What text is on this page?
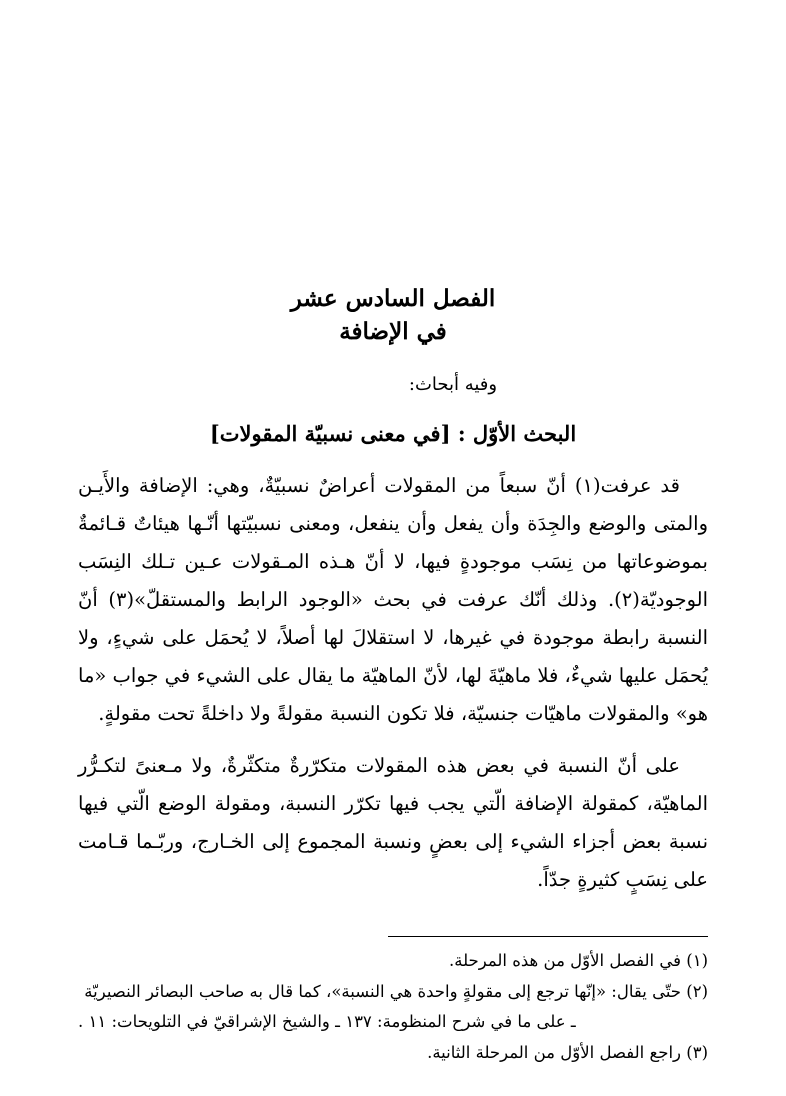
الفصل السادس عشر
في الإضافة
وفيه أبحاث:
البحث الأوّل : [في معنى نسبيّة المقولات]

قد عرفت(١) أنّ سبعاً من المقولات أعراضٌ نسبيّةٌ، وهي: الإضافة والأَيـن والمتى والوضع والجِدَة وأن يفعل وأن ينفعل، ومعنى نسبيّتها أنّـها هيئاتٌ قـائمةٌ بموضوعاتها من نِسَب موجودةٍ فيها، لا أنّ هـذه المـقولات عـين تـلك النِسَب الوجوديّة(٢). وذلك أنّك عرفت في بحث «الوجود الرابط والمستقلّ»(٣) أنّ النسبة رابطة موجودة في غيرها، لا استقلالَ لها أصلاً، لا يُحمَل على شيءٍ، ولا يُحمَل عليها شيءٌ، فلا ماهيّةَ لها، لأنّ الماهيّة ما يقال على الشيء في جواب «ما هو» والمقولات ماهيّات جنسيّة، فلا تكون النسبة مقولةً ولا داخلةً تحت مقولةٍ.

على أنّ النسبة في بعض هذه المقولات متكرّرةٌ متكثّرةٌ، ولا مـعنىً لتكـرُّر الماهيّة، كمقولة الإضافة الّتي يجب فيها تكرّر النسبة، ومقولة الوضع الّتي فيها نسبة بعض أجزاء الشيء إلى بعضٍ ونسبة المجموع إلى الخـارج، وربّـما قـامت على نِسَبٍ كثيرةٍ جدّاً.

(١) في الفصل الأوّل من هذه المرحلة.

(٢) حتّى يقال: «إنّها ترجع إلى مقولةٍ واحدة هي النسبة»، كما قال به صاحب البصائر النصيريّة

ـ على ما في شرح المنظومة: ١٣٧ ـ والشيخ الإشراقيّ في التلويحات: ١١ .

(٣) راجع الفصل الأوّل من المرحلة الثانية.
